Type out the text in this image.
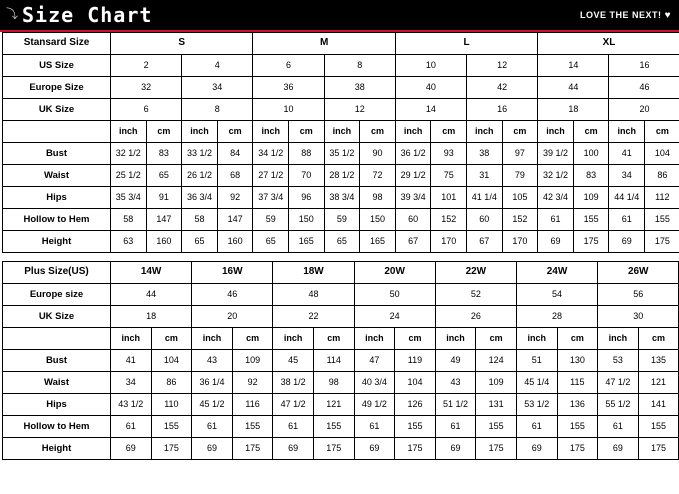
⤵ Size Chart	LOVE THE NEXT! ♥
Stansard Size	S				M				L				XL			
US Size	2		4		6		8		10		12		14		16	
Europe Size	32		34		36		38		40		42		44		46	
UK Size	6		8		10		12		14		16		18		20	
	inch	cm	inch	cm	inch	cm	inch	cm	inch	cm	inch	cm	inch	cm	inch	cm
Bust	32 1/2	83	33 1/2	84	34 1/2	88	35 1/2	90	36 1/2	93	38	97	39 1/2	100	41	104
Waist	25 1/2	65	26 1/2	68	27 1/2	70	28 1/2	72	29 1/2	75	31	79	32 1/2	83	34	86
Hips	35 3/4	91	36 3/4	92	37 3/4	96	38 3/4	98	39 3/4	101	41 1/4	105	42 3/4	109	44 1/4	112
Hollow to Hem	58	147	58	147	59	150	59	150	60	152	60	152	61	155	61	155
Height	63	160	65	160	65	165	65	165	67	170	67	170	69	175	69	175
Plus Size(US)	14W		16W		18W		20W		22W		24W		26W	
Europe size	44		46		48		50		52		54		56	
UK Size	18		20		22		24		26		28		30	
	inch	cm	inch	cm	inch	cm	inch	cm	inch	cm	inch	cm	inch	cm
Bust	41	104	43	109	45	114	47	119	49	124	51	130	53	135
Waist	34	86	36 1/4	92	38 1/2	98	40 3/4	104	43	109	45 1/4	115	47 1/2	121
Hips	43 1/2	110	45 1/2	116	47 1/2	121	49 1/2	126	51 1/2	131	53 1/2	136	55 1/2	141
Hollow to Hem	61	155	61	155	61	155	61	155	61	155	61	155	61	155
Height	69	175	69	175	69	175	69	175	69	175	69	175	69	175
